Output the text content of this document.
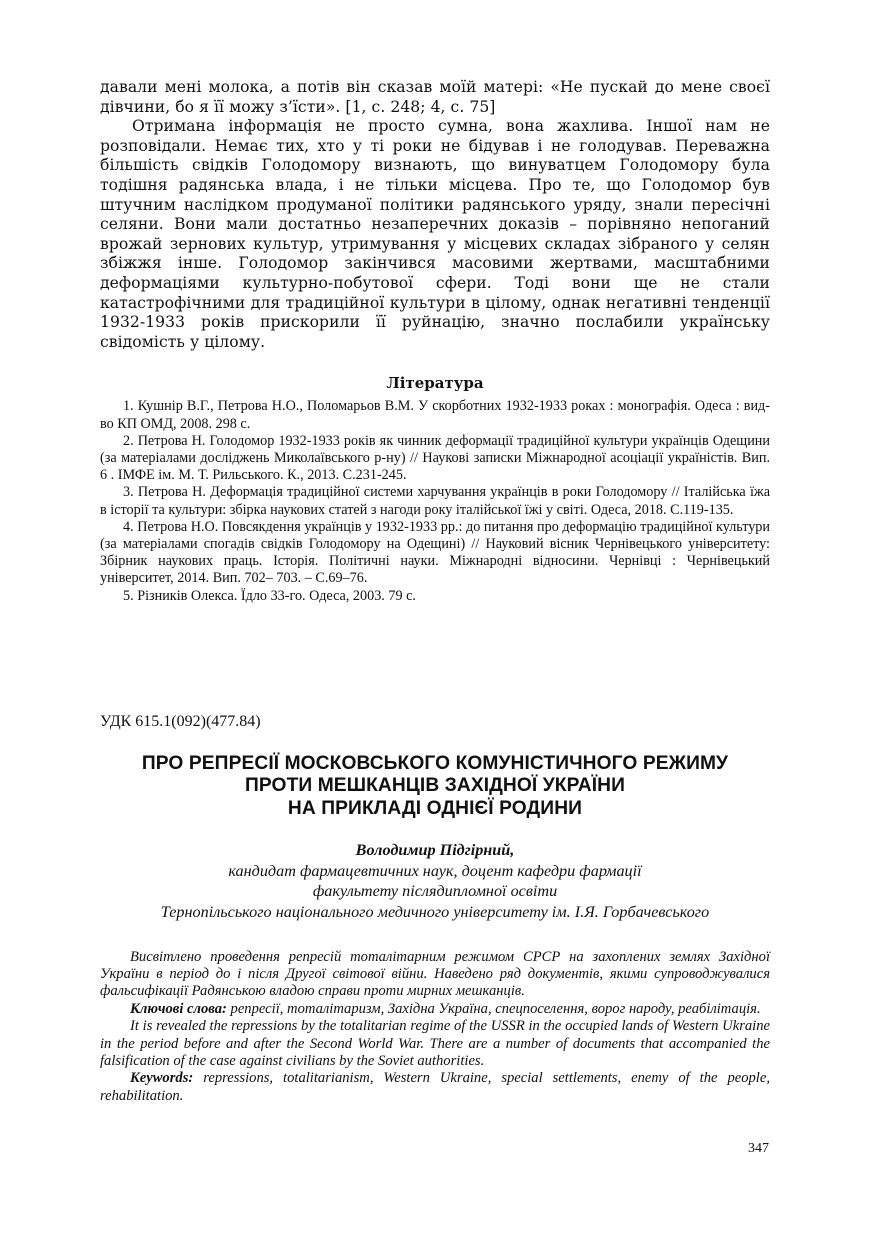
давали мені молока, а потів він сказав моїй матері: «Не пускай до мене своєї дівчини, бо я її можу з’їсти». [1, с. 248; 4, с. 75]

Отримана інформація не просто сумна, вона жахлива. Іншої нам не розповідали. Немає тих, хто у ті роки не бідував і не голодував. Переважна більшість свідків Голодомору визнають, що винуватцем Голодомору була тодішня радянська влада, і не тільки місцева. Про те, що Голодомор був штучним наслідком продуманої політики радянського уряду, знали пересічні селяни. Вони мали достатньо незаперечних доказів – порівняно непоганий врожай зернових культур, утримування у місцевих складах зібраного у селян збіжжя інше. Голодомор закінчився масовими жертвами, масштабними деформаціями культурно-побутової сфери. Тоді вони ще не стали катастрофічними для традиційної культури в цілому, однак негативні тенденції 1932-1933 років прискорили її руйнацію, значно послабили українську свідомість у цілому.

Література
1. Кушнір В.Г., Петрова Н.О., Поломарьов В.М. У скорботних 1932-1933 роках : монографія. Одеса : вид-во КП ОМД, 2008. 298 с.
2. Петрова Н. Голодомор 1932-1933 років як чинник деформації традиційної культури українців Одещини (за матеріалами досліджень Миколаївського р-ну) // Наукові записки Міжнародної асоціації україністів. Вип. 6 . ІМФЕ ім. М. Т. Рильського. К., 2013. С.231-245.
3. Петрова Н. Деформація традиційної системи харчування українців в роки Голодомору // Італійська їжа в історії та культури: збірка наукових статей з нагоди року італійської їжі у світі. Одеса, 2018. С.119-135.
4. Петрова Н.О. Повсякдення українців у 1932-1933 рр.: до питання про деформацію традиційної культури (за матеріалами спогадів свідків Голодомору на Одещині) // Науковий вісник Чернівецького університету: Збірник наукових праць. Історія. Політичні науки. Міжнародні відносини. Чернівці : Чернівецький університет, 2014. Вип. 702– 703. – С.69–76.
5. Різників Олекса. Їдло 33-го. Одеса, 2003. 79 с.
УДК 615.1(092)(477.84)
ПРО РЕПРЕСІЇ МОСКОВСЬКОГО КОМУНІСТИЧНОГО РЕЖИМУ
ПРОТИ МЕШКАНЦІВ ЗАХІДНОЇ УКРАЇНИ
НА ПРИКЛАДІ ОДНІЄЇ РОДИНИ
Володимир Підгірний,
кандидат фармацевтичних наук, доцент кафедри фармації
факультету післядипломної освіти
Тернопільського національного медичного університету ім. І.Я. Горбачевського

Висвітлено проведення репресій тоталітарним режимом СРСР на захоплених землях Західної України в період до і після Другої світової війни. Наведено ряд документів, якими супроводжувалися фальсифікації Радянською владою справи проти мирних мешканців.

Ключові слова: репресії, тоталітаризм, Західна Україна, спецпоселення, ворог народу, реабілітація.

It is revealed the repressions by the totalitarian regime of the USSR in the occupied lands of Western Ukraine in the period before and after the Second World War. There are a number of documents that accompanied the falsification of the case against civilians by the Soviet authorities.

Keywords: repressions, totalitarianism, Western Ukraine, special settlements, enemy of the people, rehabilitation.

347
